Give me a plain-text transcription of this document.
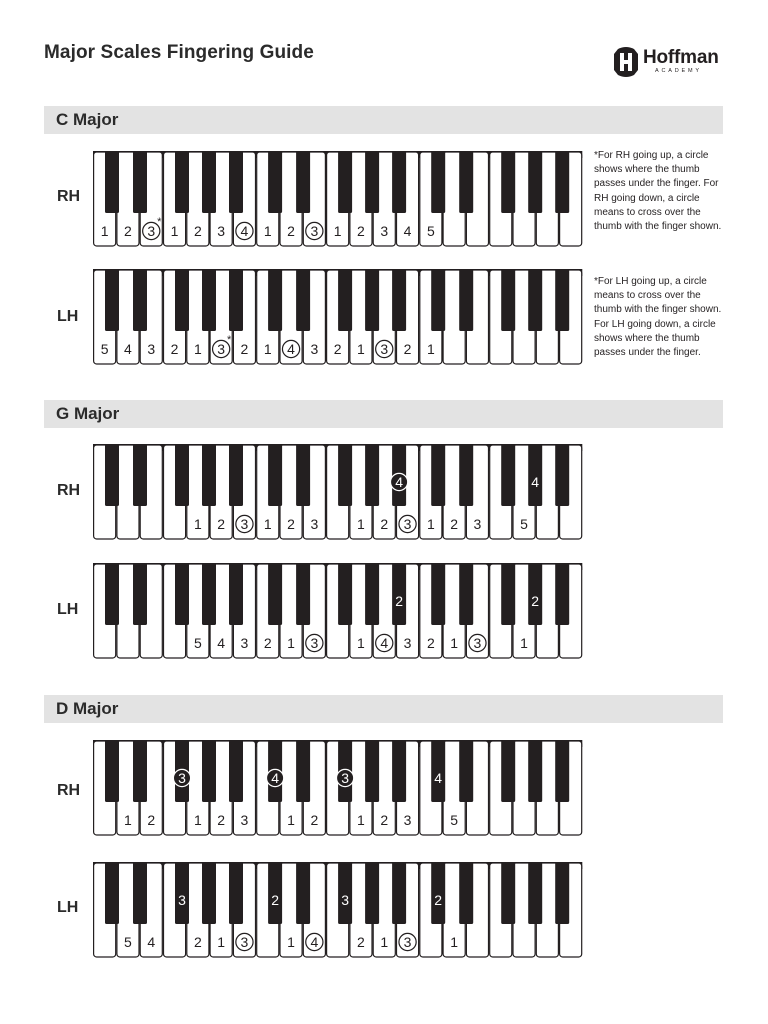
Major Scales Fingering Guide	Hoffman
ACADEMY
C Major
RH
1 2 3
*
1 2 3 4 1 2 3 1 2 3 4 5
LH
5 4 3 2 1 3
*
2 1 4 3 2 1 3 2 1
*For RH going up, a circle shows where the thumb passes under the finger. For RH going down, a circle means to cross over the thumb with the finger shown.
*For LH going up, a circle means to cross over the thumb with the finger shown. For LH going down, a circle shows where the thumb passes under the finger.
G Major
RH
1 2 3 1 2 3
4
1 2 3 1 2 3
4
5
LH
5 4 3 2 1 3
2
1 4 3 2 1 3
2
1
D Major
RH
1 2
3
1 2 3
4
1 2
3
1 2 3
4
5
LH
5 4
3
2 1 3
2
1 4
3
2 1 3
2
1
